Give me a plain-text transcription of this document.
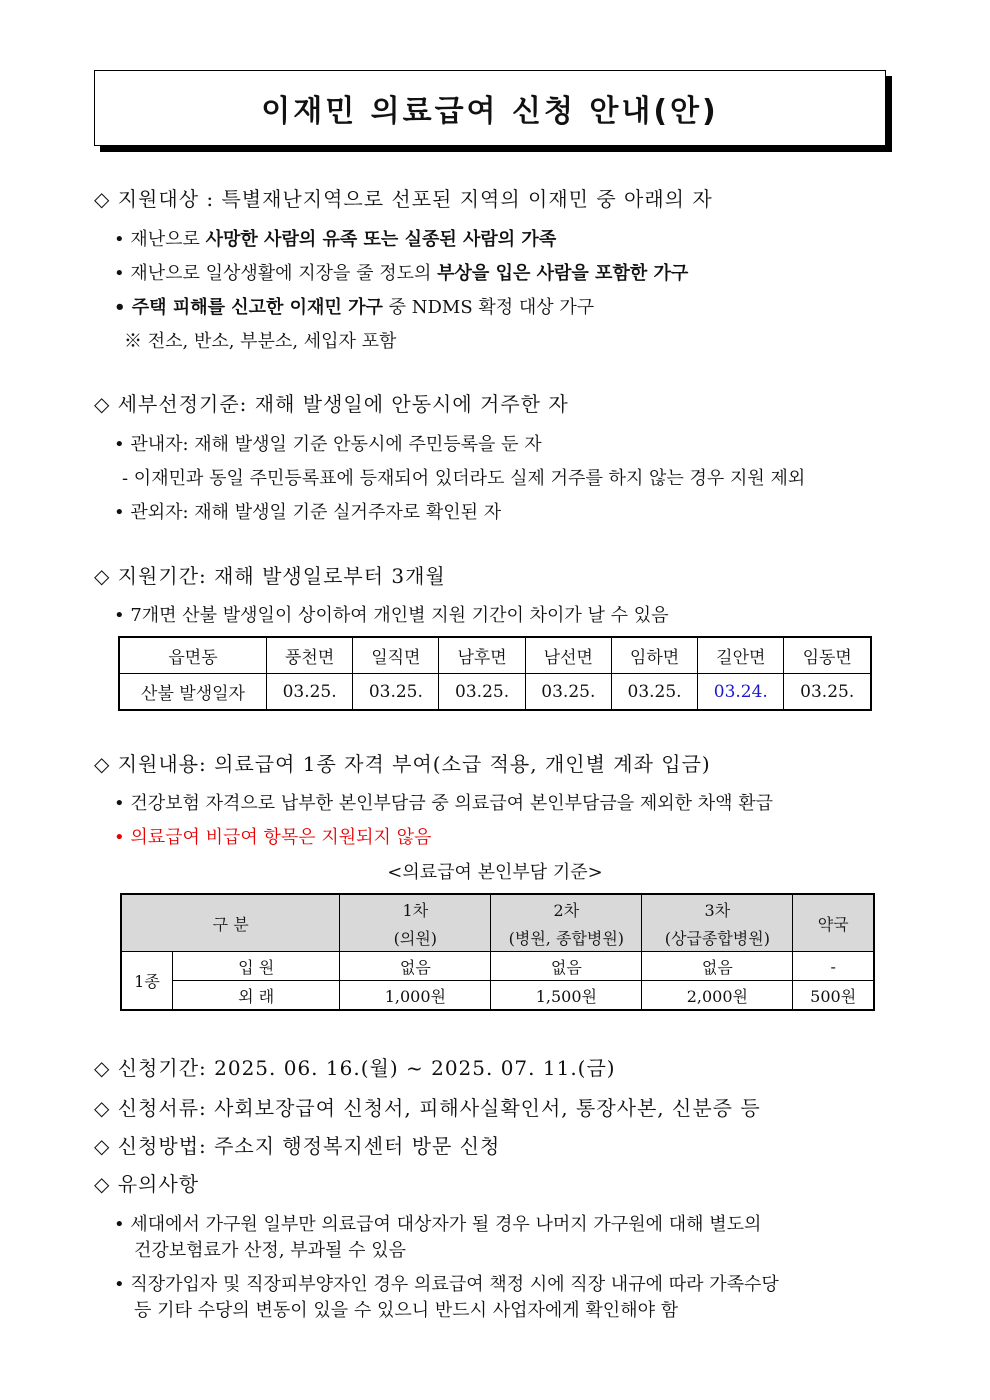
이재민 의료급여 신청 안내(안)
◇ 지원대상 : 특별재난지역으로 선포된 지역의 이재민 중 아래의 자
• 재난으로 사망한 사람의 유족 또는 실종된 사람의 가족
• 재난으로 일상생활에 지장을 줄 정도의 부상을 입은 사람을 포함한 가구
• 주택 피해를 신고한 이재민 가구 중 NDMS 확정 대상 가구
※ 전소, 반소, 부분소, 세입자 포함
◇ 세부선정기준: 재해 발생일에 안동시에 거주한 자
• 관내자: 재해 발생일 기준 안동시에 주민등록을 둔 자
- 이재민과 동일 주민등록표에 등재되어 있더라도 실제 거주를 하지 않는 경우 지원 제외
• 관외자: 재해 발생일 기준 실거주자로 확인된 자
◇ 지원기간: 재해 발생일로부터 3개월
• 7개면 산불 발생일이 상이하여 개인별 지원 기간이 차이가 날 수 있음
읍면동	풍천면	일직면	남후면	남선면	임하면	길안면	임동면
산불 발생일자	03.25.	03.25.	03.25.	03.25.	03.25.	03.24.	03.25.
◇ 지원내용: 의료급여 1종 자격 부여(소급 적용, 개인별 계좌 입금)
• 건강보험 자격으로 납부한 본인부담금 중 의료급여 본인부담금을 제외한 차액 환급
• 의료급여 비급여 항목은 지원되지 않음
<의료급여 본인부담 기준>
구 분		1차	2차	3차	약국
		(의원)	(병원, 종합병원)	(상급종합병원)	
1종	입 원	없음	없음	없음	-
	외 래	1,000원	1,500원	2,000원	500원
◇ 신청기간: 2025. 06. 16.(월) ~ 2025. 07. 11.(금)
◇ 신청서류: 사회보장급여 신청서, 피해사실확인서, 통장사본, 신분증 등
◇ 신청방법: 주소지 행정복지센터 방문 신청
◇ 유의사항
• 세대에서 가구원 일부만 의료급여 대상자가 될 경우 나머지 가구원에 대해 별도의
건강보험료가 산정, 부과될 수 있음
• 직장가입자 및 직장피부양자인 경우 의료급여 책정 시에 직장 내규에 따라 가족수당
등 기타 수당의 변동이 있을 수 있으니 반드시 사업자에게 확인해야 함
